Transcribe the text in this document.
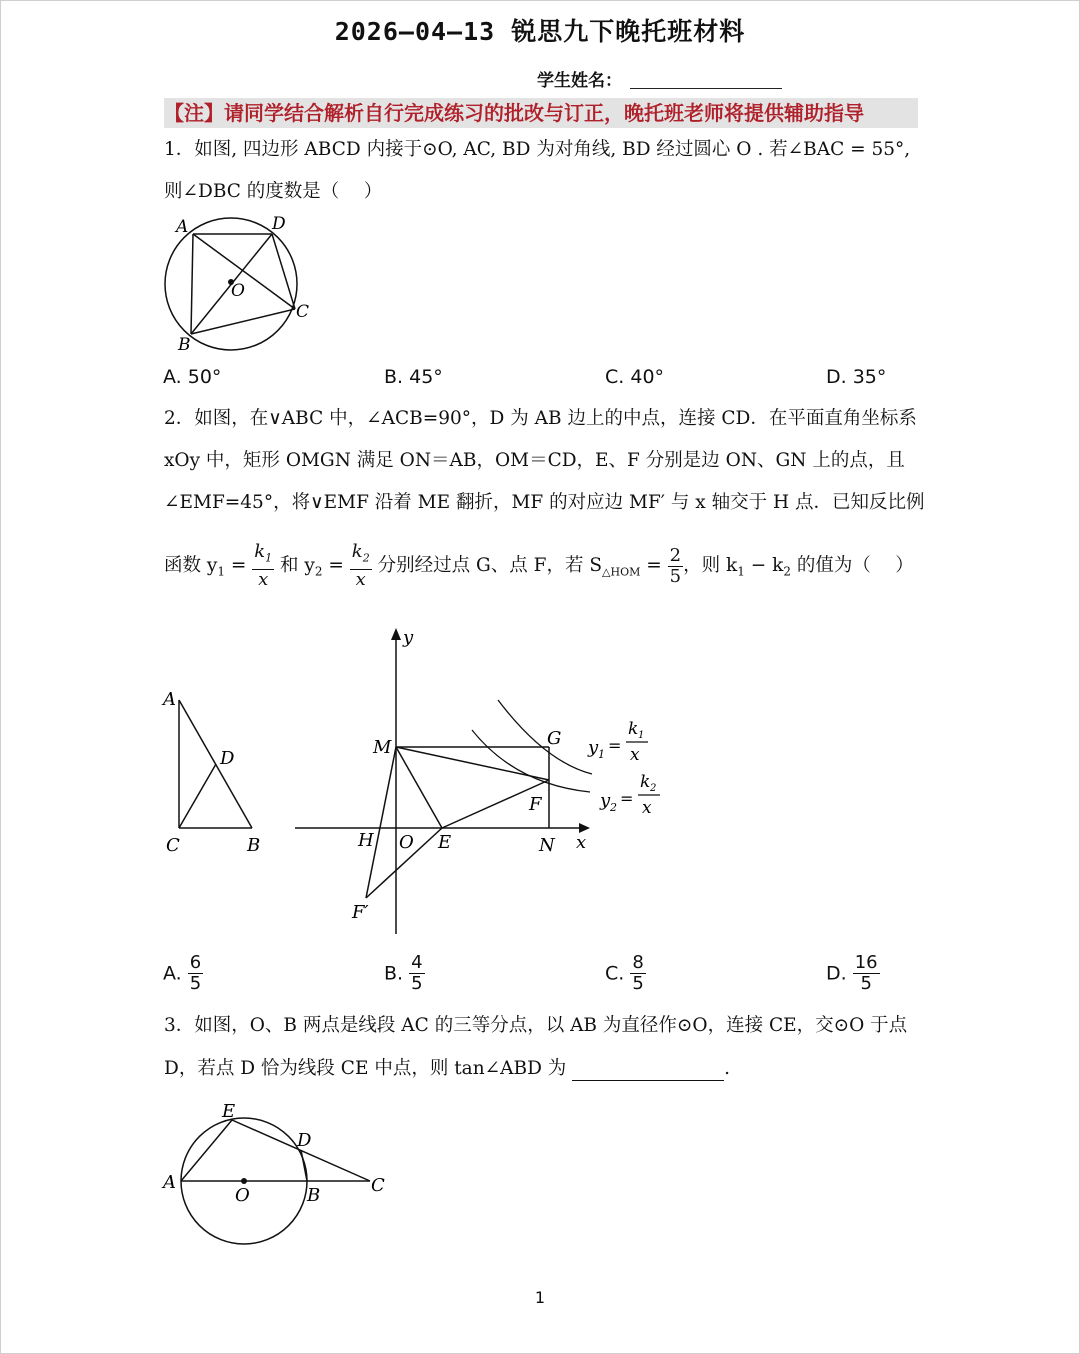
2026—04—13 锐思九下晚托班材料
学生姓名：
【注】请同学结合解析自行完成练习的批改与订正，晚托班老师将提供辅助指导
1．如图, 四边形 ABCD 内接于⊙O, AC, BD 为对角线, BD 经过圆心 O . 若∠BAC = 55°,
则∠DBC 的度数是（　 ）
A	D
O
C
B
A. 50°	B. 45°	C. 40°	D. 35°
2．如图，在∨ABC 中，∠ACB=90°，D 为 AB 边上的中点，连接 CD．在平面直角坐标系
xOy 中，矩形 OMGN 满足 ON＝AB，OM＝CD，E、F 分别是边 ON、GN 上的点，且
∠EMF=45°，将∨EMF 沿着 ME 翻折，MF 的对应边 MF′ 与 x 轴交于 H 点．已知反比例
函数 $y_1 = \frac{k_1}{x}$ 和 $y_2 = \frac{k_2}{x}$ 分别经过点 G、点 F，若 $S_{\triangle HOM} = \frac{2}{5}$ ，则 $k_1 - k_2$ 的值为（　 ）
A
D
C	B
y
M	G
F
H O E	N x
F′
y 1 =
k 1
x
y 2 =
k 2
x
A. $\frac{6}{5}$	B. $\frac{4}{5}$	C. $\frac{8}{5}$	D. $\frac{16}{5}$
3．如图，O、B 两点是线段 AC 的三等分点，以 AB 为直径作⊙O，连接 CE，交⊙O 于点
D，若点 D 恰为线段 CE 中点，则 tan∠ABD 为	.
E
D
A
O	B	C
1
